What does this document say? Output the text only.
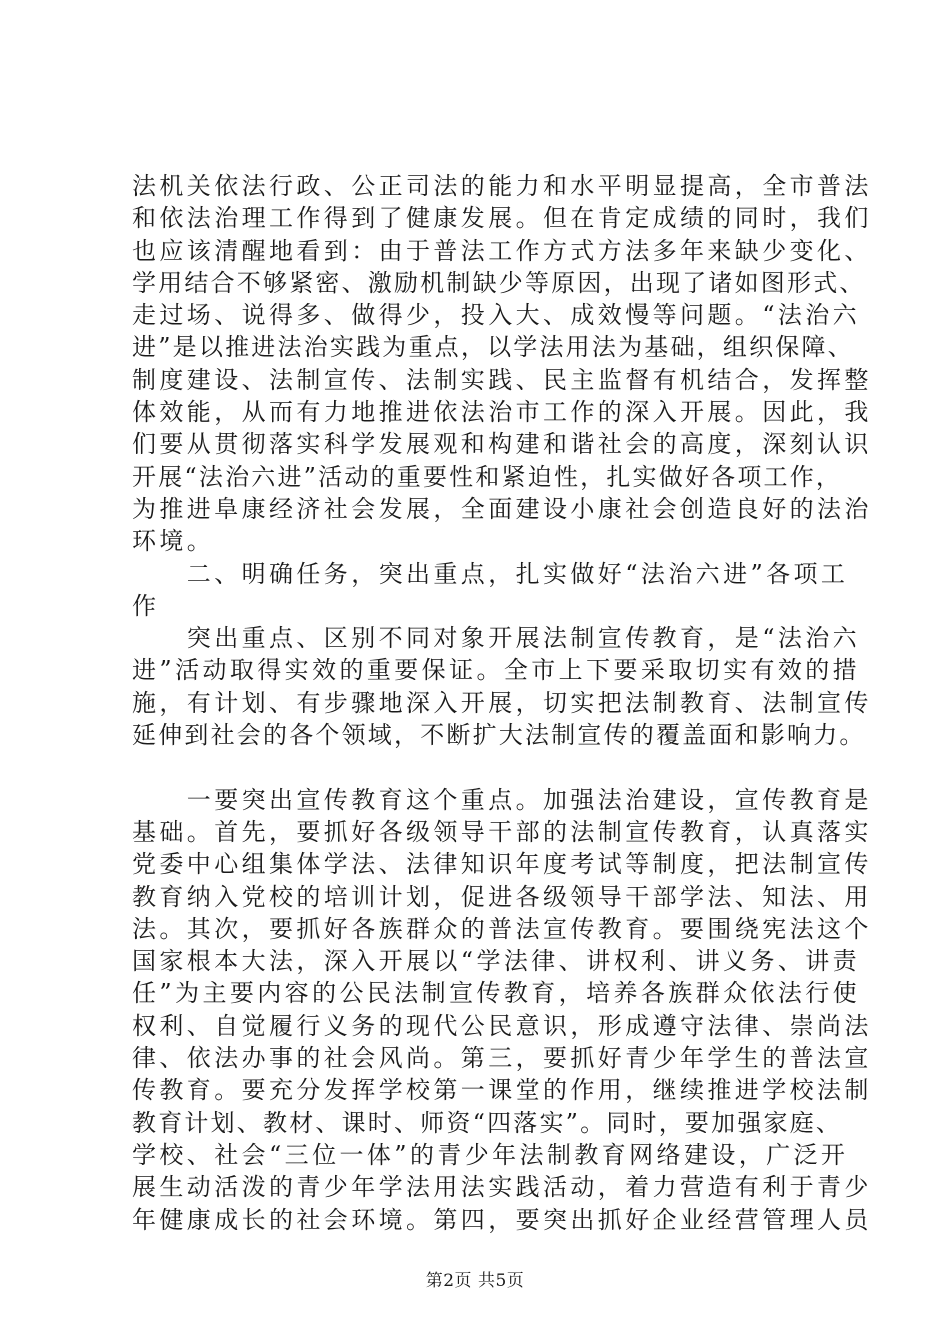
法机关依法行政、公正司法的能力和水平明显提高，全市普法
和依法治理工作得到了健康发展。但在肯定成绩的同时，我们
也应该清醒地看到：由于普法工作方式方法多年来缺少变化、
学用结合不够紧密、激励机制缺少等原因，出现了诸如图形式、
走过场、说得多、做得少，投入大、成效慢等问题。“法治六
进”是以推进法治实践为重点，以学法用法为基础，组织保障、
制度建设、法制宣传、法制实践、民主监督有机结合，发挥整
体效能，从而有力地推进依法治市工作的深入开展。因此，我
们要从贯彻落实科学发展观和构建和谐社会的高度，深刻认识
开展“法治六进”活动的重要性和紧迫性，扎实做好各项工作，
为推进阜康经济社会发展，全面建设小康社会创造良好的法治
环境。
　　二、明确任务，突出重点，扎实做好“法治六进”各项工
作
　　突出重点、区别不同对象开展法制宣传教育，是“法治六
进”活动取得实效的重要保证。全市上下要采取切实有效的措
施，有计划、有步骤地深入开展，切实把法制教育、法制宣传
延伸到社会的各个领域，不断扩大法制宣传的覆盖面和影响力。
　　一要突出宣传教育这个重点。加强法治建设，宣传教育是
基础。首先，要抓好各级领导干部的法制宣传教育，认真落实
党委中心组集体学法、法律知识年度考试等制度，把法制宣传
教育纳入党校的培训计划，促进各级领导干部学法、知法、用
法。其次，要抓好各族群众的普法宣传教育。要围绕宪法这个
国家根本大法，深入开展以“学法律、讲权利、讲义务、讲责
任”为主要内容的公民法制宣传教育，培养各族群众依法行使
权利、自觉履行义务的现代公民意识，形成遵守法律、崇尚法
律、依法办事的社会风尚。第三，要抓好青少年学生的普法宣
传教育。要充分发挥学校第一课堂的作用，继续推进学校法制
教育计划、教材、课时、师资“四落实”。同时，要加强家庭、
学校、社会“三位一体”的青少年法制教育网络建设，广泛开
展生动活泼的青少年学法用法实践活动，着力营造有利于青少
年健康成长的社会环境。第四，要突出抓好企业经营管理人员
第2页 共5页
